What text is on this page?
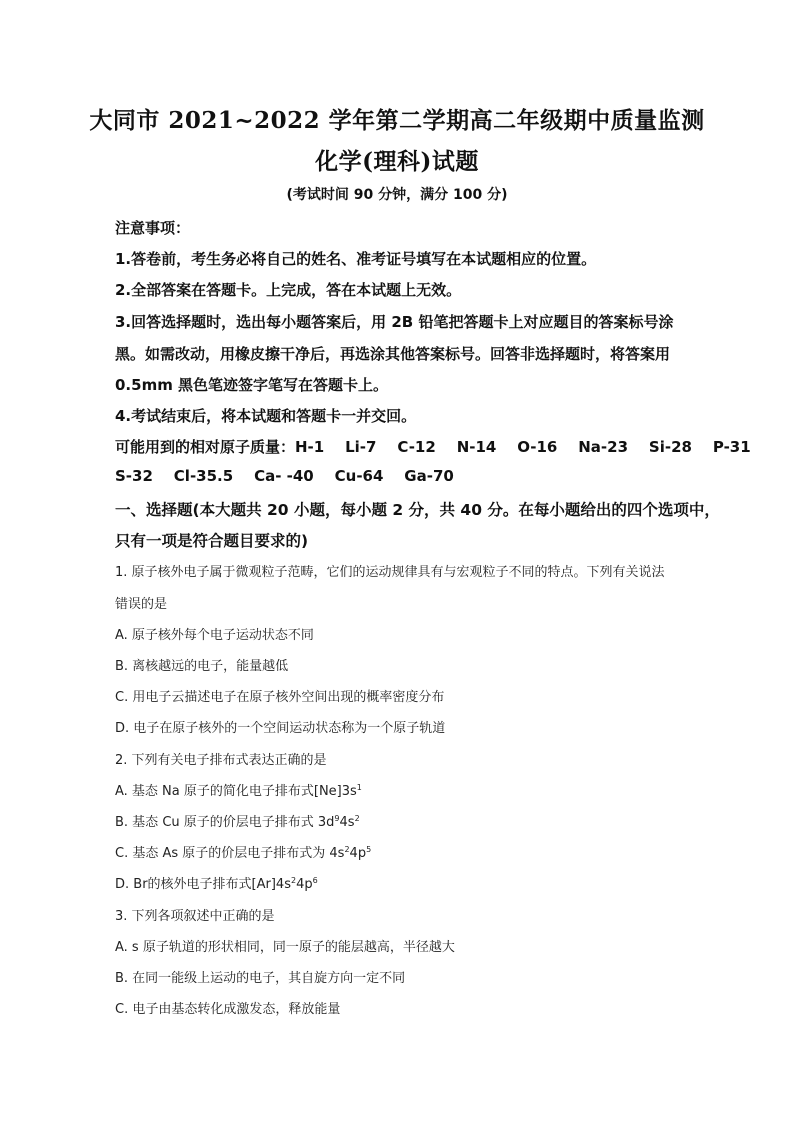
大同市 2021~2022 学年第二学期高二年级期中质量监测
化学(理科)试题
(考试时间 90 分钟，满分 100 分)
注意事项：
1.答卷前，考生务必将自己的姓名、准考证号填写在本试题相应的位置。
2.全部答案在答题卡。上完成，答在本试题上无效。
3.回答选择题时，选出每小题答案后，用 2B 铅笔把答题卡上对应题目的答案标号涂
黑。如需改动，用橡皮擦干净后，再选涂其他答案标号。回答非选择题时，将答案用
0.5mm 黑色笔迹签字笔写在答题卡上。
4.考试结束后，将本试题和答题卡一并交回。
可能用到的相对原子质量：H-1    Li-7    C-12    N-14    O-16    Na-23    Si-28    P-31
S-32    Cl-35.5    Ca- -40    Cu-64    Ga-70
一、选择题(本大题共 20 小题，每小题 2 分，共 40 分。在每小题给出的四个选项中，
只有一项是符合题目要求的)
1. 原子核外电子属于微观粒子范畴，它们的运动规律具有与宏观粒子不同的特点。下列有关说法
错误的是
A. 原子核外每个电子运动状态不同
B. 离核越远的电子，能量越低
C. 用电子云描述电子在原子核外空间出现的概率密度分布
D. 电子在原子核外的一个空间运动状态称为一个原子轨道
2. 下列有关电子排布式表达正确的是
A. 基态 Na 原子的简化电子排布式$[Ne]3s^1$
B. 基态 Cu 原子的价层电子排布式 $3d^94s^2$
C. 基态 As 原子的价层电子排布式为 $4s^24p^5$
D. Br的核外电子排布式$[Ar]4s^24p^6$
3. 下列各项叙述中正确的是
A. s 原子轨道的形状相同，同一原子的能层越高，半径越大
B. 在同一能级上运动的电子，其自旋方向一定不同
C. 电子由基态转化成激发态，释放能量
